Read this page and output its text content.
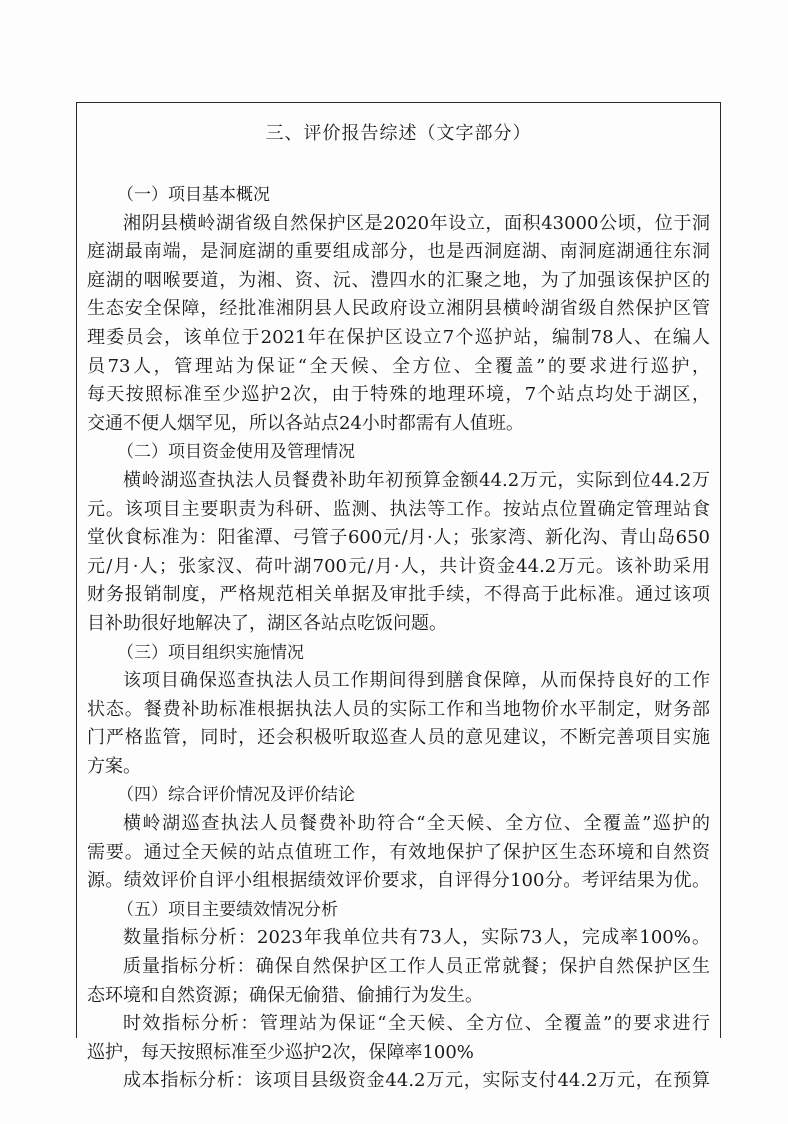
三、评价报告综述（文字部分）
（一）项目基本概况
湘阴县横岭湖省级自然保护区是2020年设立，面积43000公顷，位于洞
庭湖最南端，是洞庭湖的重要组成部分，也是西洞庭湖、南洞庭湖通往东洞
庭湖的咽喉要道，为湘、资、沅、澧四水的汇聚之地，为了加强该保护区的
生态安全保障，经批准湘阴县人民政府设立湘阴县横岭湖省级自然保护区管
理委员会，该单位于2021年在保护区设立7个巡护站，编制78人、在编人
员73人，管理站为保证“全天候、全方位、全覆盖”的要求进行巡护，
每天按照标准至少巡护2次，由于特殊的地理环境，7个站点均处于湖区，
交通不便人烟罕见，所以各站点24小时都需有人值班。
（二）项目资金使用及管理情况
横岭湖巡查执法人员餐费补助年初预算金额44.2万元，实际到位44.2万
元。该项目主要职责为科研、监测、执法等工作。按站点位置确定管理站食
堂伙食标准为：阳雀潭、弓管子600元/月·人；张家湾、新化沟、青山岛650
元/月·人；张家汊、荷叶湖700元/月·人，共计资金44.2万元。该补助采用
财务报销制度，严格规范相关单据及审批手续，不得高于此标准。通过该项
目补助很好地解决了，湖区各站点吃饭问题。
（三）项目组织实施情况
该项目确保巡查执法人员工作期间得到膳食保障，从而保持良好的工作
状态。餐费补助标准根据执法人员的实际工作和当地物价水平制定，财务部
门严格监管，同时，还会积极听取巡查人员的意见建议，不断完善项目实施
方案。
（四）综合评价情况及评价结论
横岭湖巡查执法人员餐费补助符合“全天候、全方位、全覆盖”巡护的
需要。通过全天候的站点值班工作，有效地保护了保护区生态环境和自然资
源。绩效评价自评小组根据绩效评价要求，自评得分100分。考评结果为优。
（五）项目主要绩效情况分析
数量指标分析：2023年我单位共有73人，实际73人，完成率100%。
质量指标分析：确保自然保护区工作人员正常就餐；保护自然保护区生
态环境和自然资源；确保无偷猎、偷捕行为发生。
时效指标分析：管理站为保证“全天候、全方位、全覆盖”的要求进行
巡护，每天按照标准至少巡护2次，保障率100%
成本指标分析：该项目县级资金44.2万元，实际支付44.2万元，在预算
